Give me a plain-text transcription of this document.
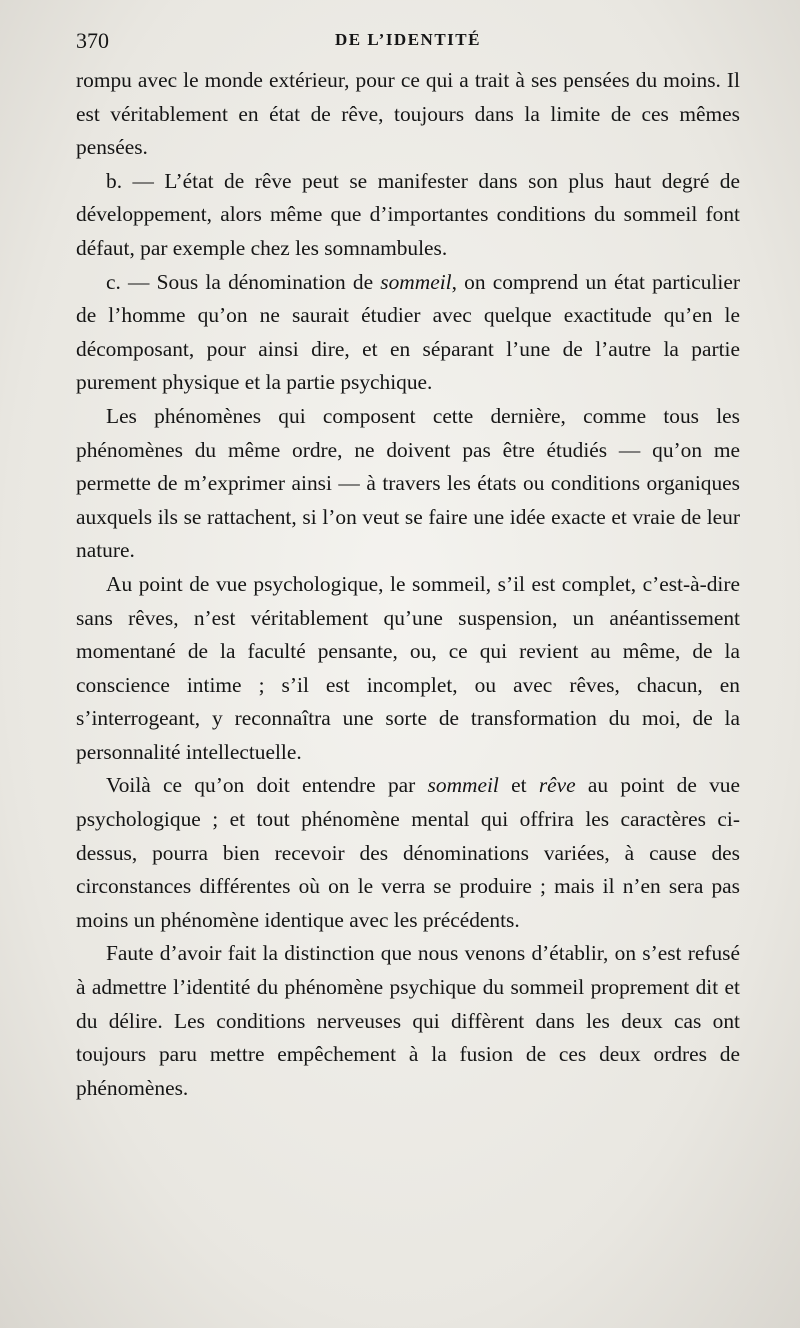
370	DE L’IDENTITÉ

rompu avec le monde extérieur, pour ce qui a trait à ses pensées du moins. Il est véritablement en état de rêve, toujours dans la limite de ces mêmes pensées.

b. — L’état de rêve peut se manifester dans son plus haut degré de développement, alors même que d’importantes conditions du sommeil font défaut, par exemple chez les somnambules.

c. — Sous la dénomination de sommeil, on comprend un état particulier de l’homme qu’on ne saurait étudier avec quelque exactitude qu’en le décomposant, pour ainsi dire, et en séparant l’une de l’autre la partie purement physique et la partie psychique.

Les phénomènes qui composent cette dernière, comme tous les phénomènes du même ordre, ne doivent pas être étudiés — qu’on me permette de m’exprimer ainsi — à travers les états ou conditions organiques auxquels ils se rattachent, si l’on veut se faire une idée exacte et vraie de leur nature.

Au point de vue psychologique, le sommeil, s’il est complet, c’est-à-dire sans rêves, n’est véritablement qu’une suspension, un anéantissement momentané de la faculté pensante, ou, ce qui revient au même, de la conscience intime ; s’il est incomplet, ou avec rêves, chacun, en s’interrogeant, y reconnaîtra une sorte de transformation du moi, de la personnalité intellectuelle.

Voilà ce qu’on doit entendre par sommeil et rêve au point de vue psychologique ; et tout phénomène mental qui offrira les caractères ci-dessus, pourra bien recevoir des dénominations variées, à cause des circonstances différentes où on le verra se produire ; mais il n’en sera pas moins un phénomène identique avec les précédents.

Faute d’avoir fait la distinction que nous venons d’établir, on s’est refusé à admettre l’identité du phénomène psychique du sommeil proprement dit et du délire. Les conditions nerveuses qui diffèrent dans les deux cas ont toujours paru mettre empêchement à la fusion de ces deux ordres de phénomènes.
